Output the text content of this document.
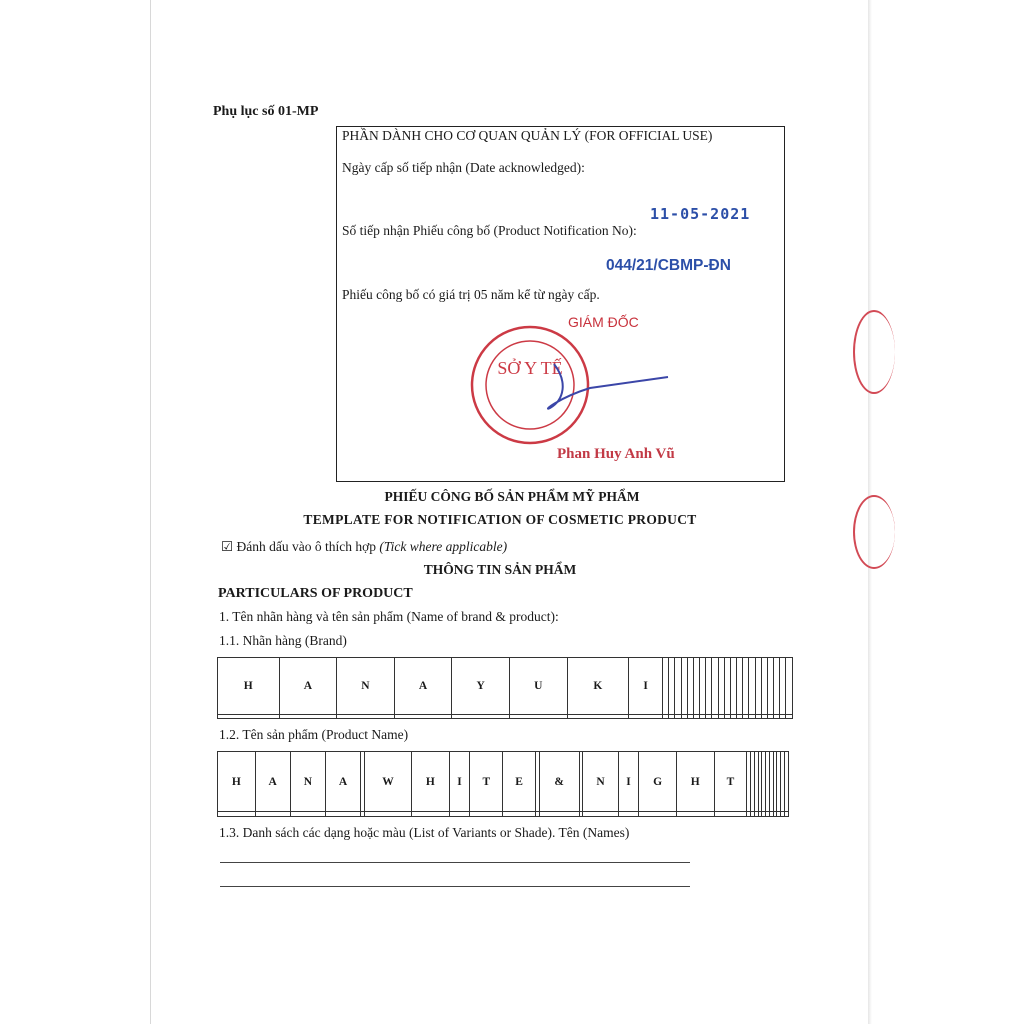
Phụ lục số 01-MP
PHẦN DÀNH CHO CƠ QUAN QUẢN LÝ (FOR OFFICIAL USE)
Ngày cấp số tiếp nhận (Date acknowledged):
11-05-2021
Số tiếp nhận Phiếu công bố (Product Notification No):
044/21/CBMP-ĐN
Phiếu công bố có giá trị 05 năm kể từ ngày cấp.
GIÁM ĐỐC
SỞ Y TẾ
Phan Huy Anh Vũ
PHIẾU CÔNG BỐ SẢN PHẨM MỸ PHẨM
TEMPLATE FOR NOTIFICATION OF COSMETIC PRODUCT
☑ Đánh dấu vào ô thích hợp (Tick where applicable)
THÔNG TIN SẢN PHẨM
PARTICULARS OF PRODUCT
1. Tên nhãn hàng và tên sản phẩm (Name of brand & product):
1.1. Nhãn hàng (Brand)
H	A	N	A	Y	U	K	I																					

1.2. Tên sản phẩm (Product Name)
H	A	N	A		W	H	I	T	E		&		N	I	G	H	T											

1.3. Danh sách các dạng hoặc màu (List of Variants or Shade). Tên (Names)
